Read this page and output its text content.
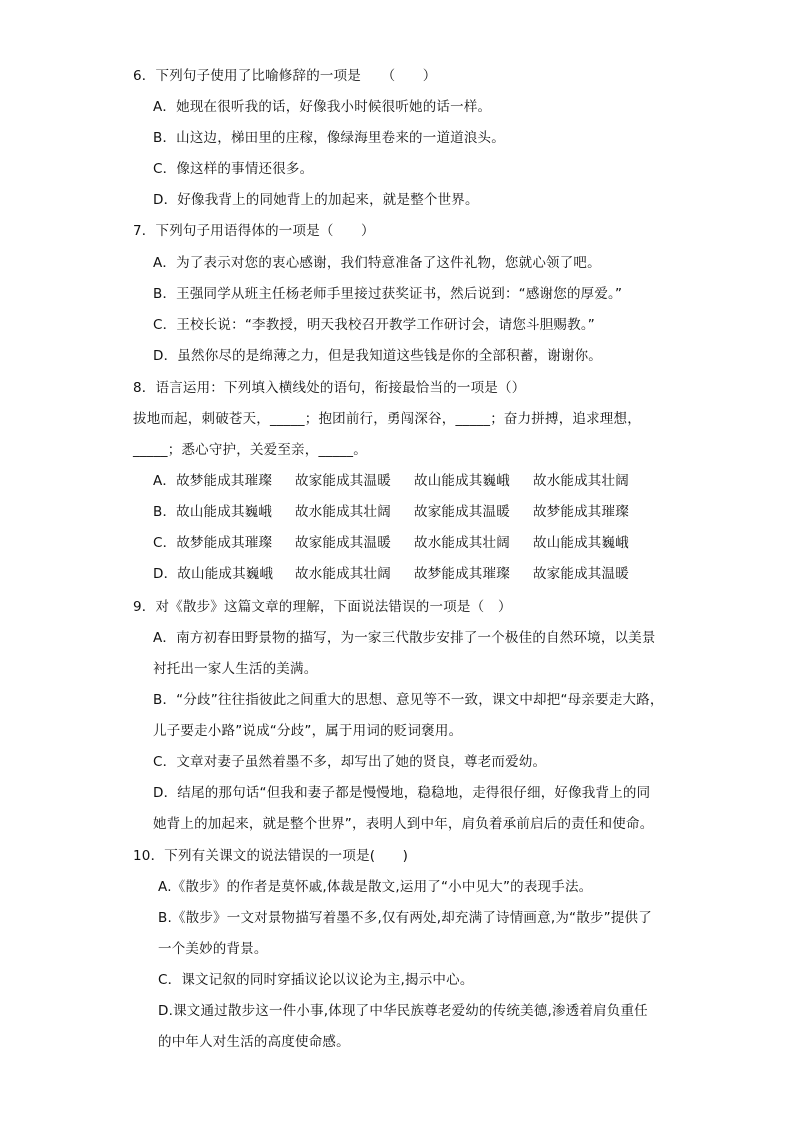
6．下列句子使用了比喻修辞的一项是　　（　　）
A．她现在很听我的话，好像我小时候很听她的话一样。
B．山这边，梯田里的庄稼，像绿海里卷来的一道道浪头。
C．像这样的事情还很多。
D．好像我背上的同她背上的加起来，就是整个世界。
7．下列句子用语得体的一项是（　　）
A．为了表示对您的衷心感谢，我们特意准备了这件礼物，您就心领了吧。
B．王强同学从班主任杨老师手里接过获奖证书，然后说到：“感谢您的厚爱。”
C．王校长说：“李教授，明天我校召开教学工作研讨会，请您斗胆赐教。”
D．虽然你尽的是绵薄之力，但是我知道这些钱是你的全部积蓄，谢谢你。
8．语言运用：下列填入横线处的语句，衔接最恰当的一项是（）
拔地而起，刺破苍天，_____；抱团前行，勇闯深谷，_____；奋力拼搏，追求理想，
_____；悉心守护，关爱至亲，_____。
A．故梦能成其璀璨 故家能成其温暖 故山能成其巍峨 故水能成其壮阔
B．故山能成其巍峨 故水能成其壮阔 故家能成其温暖 故梦能成其璀璨
C．故梦能成其璀璨 故家能成其温暖 故水能成其壮阔 故山能成其巍峨
D．故山能成其巍峨 故水能成其壮阔 故梦能成其璀璨 故家能成其温暖
9．对《散步》这篇文章的理解，下面说法错误的一项是（　）
A．南方初春田野景物的描写，为一家三代散步安排了一个极佳的自然环境，以美景
衬托出一家人生活的美满。
B．“分歧”往往指彼此之间重大的思想、意见等不一致，课文中却把“母亲要走大路，
儿子要走小路”说成“分歧”，属于用词的贬词褒用。
C．文章对妻子虽然着墨不多，却写出了她的贤良，尊老而爱幼。
D．结尾的那句话“但我和妻子都是慢慢地，稳稳地，走得很仔细，好像我背上的同
她背上的加起来，就是整个世界”，表明人到中年，肩负着承前启后的责任和使命。
10．下列有关课文的说法错误的一项是(　　)
A.《散步》的作者是莫怀戚,体裁是散文,运用了“小中见大”的表现手法。
B.《散步》一文对景物描写着墨不多,仅有两处,却充满了诗情画意,为“散步”提供了
一个美妙的背景。
C．课文记叙的同时穿插议论以议论为主,揭示中心。
D.课文通过散步这一件小事,体现了中华民族尊老爱幼的传统美德,渗透着肩负重任
的中年人对生活的高度使命感。
